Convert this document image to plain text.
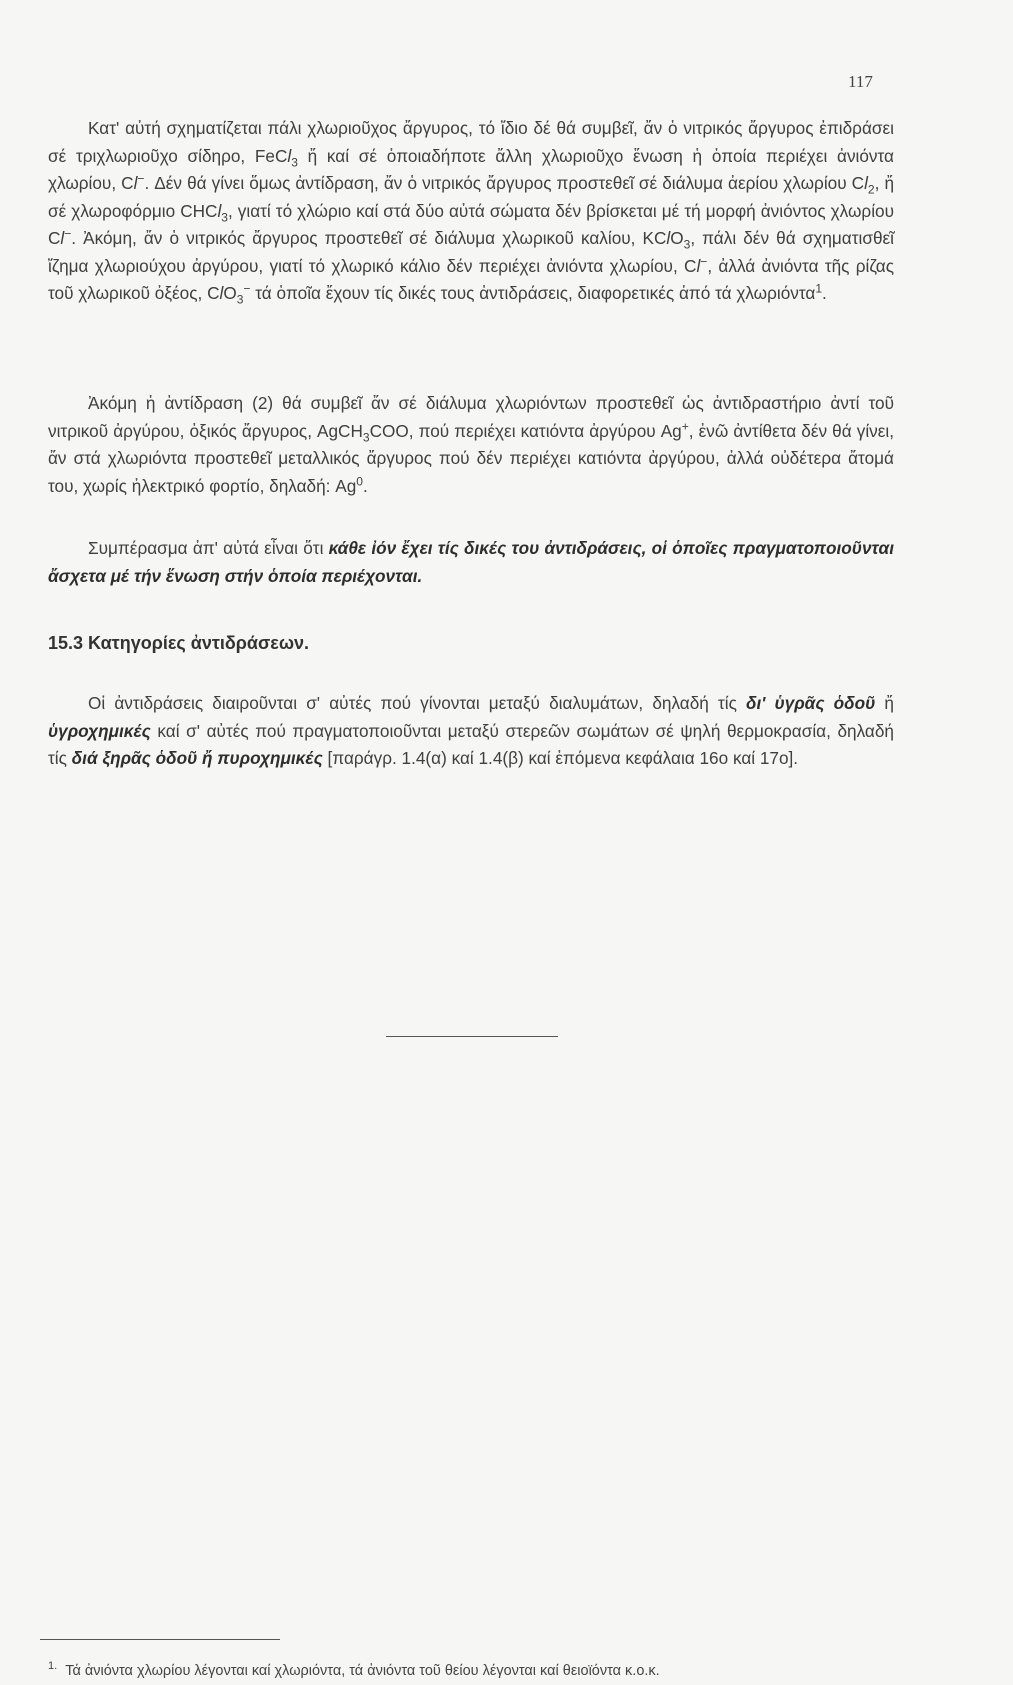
117

Κατ' αὐτή σχηματίζεται πάλι χλωριοῦχος ἄργυρος, τό ἴδιο δέ θά συμβεῖ, ἄν ὁ νιτρικός ἄργυρος ἐπιδράσει σέ τριχλωριοῦχο σίδηρο, FeCl$_3$ ἤ καί σέ ὁποιαδήποτε ἄλλη χλωριοῦχο ἕνωση ἡ ὁποία περιέχει ἀνιόντα χλωρίου, Cl−. Δέν θά γίνει ὅμως ἀντίδραση, ἄν ὁ νιτρικός ἄργυρος προστεθεῖ σέ διάλυμα ἀερίου χλωρίου $Cl_2$, ἤ σέ χλωροφόρμιο CHCl$_3$, γιατί τό χλώριο καί στά δύο αὐτά σώματα δέν βρίσκεται μέ τή μορφή ἀνιόντος χλωρίου Cl−. Ἀκόμη, ἄν ὁ νιτρικός ἄργυρος προστεθεῖ σέ διάλυμα χλωρικοῦ καλίου, KClO$_3$, πάλι δέν θά σχηματισθεῖ ἴζημα χλωριούχου ἀργύρου, γιατί τό χλωρικό κάλιο δέν περιέχει ἀνιόντα χλωρίου, Cl−, ἀλλά ἀνιόντα τῆς ρίζας τοῦ χλωρικοῦ ὀξέος, ClO$_3$− τά ὁποῖα ἔχουν τίς δικές τους ἀντιδράσεις, διαφορετικές ἀπό τά χλωριόντα$^1$.

Ἀκόμη ἡ ἀντίδραση (2) θά συμβεῖ ἄν σέ διάλυμα χλωριόντων προστεθεῖ ὡς ἀντιδραστήριο ἀντί τοῦ νιτρικοῦ ἀργύρου, ὀξικός ἄργυρος, AgCH$_3$COO, πού περιέχει κατιόντα ἀργύρου Ag+, ἐνῶ ἀντίθετα δέν θά γίνει, ἄν στά χλωριόντα προστεθεῖ μεταλλικός ἄργυρος πού δέν περιέχει κατιόντα ἀργύρου, ἀλλά οὐδέτερα ἄτομά του, χωρίς ἠλεκτρικό φορτίο, δηλαδή: Ag$^0$.

Συμπέρασμα ἀπ' αὐτά εἶναι ὅτι κάθε ἰόν ἔχει τίς δικές του ἀντιδράσεις, οἱ ὁποῖες πραγματοποιοῦνται ἄσχετα μέ τήν ἕνωση στήν ὁποία περιέχονται.

15.3 Κατηγορίες ἀντιδράσεων.

Οἱ ἀντιδράσεις διαιροῦνται σ' αὐτές πού γίνονται μεταξύ διαλυμάτων, δηλαδή τίς δι' ὑγρᾶς ὁδοῦ ἤ ὑγροχημικές καί σ' αὐτές πού πραγματοποιοῦνται μεταξύ στερεῶν σωμάτων σέ ψηλή θερμοκρασία, δηλαδή τίς διά ξηρᾶς ὁδοῦ ἤ πυροχημικές [παράγρ. 1.4(α) καί 1.4(β) καί ἑπόμενα κεφάλαια 16ο καί 17ο].

$^{1.}$ Τά ἀνιόντα χλωρίου λέγονται καί χλωριόντα, τά ἀνιόντα τοῦ θείου λέγονται καί θειοϊόντα κ.ο.κ.
